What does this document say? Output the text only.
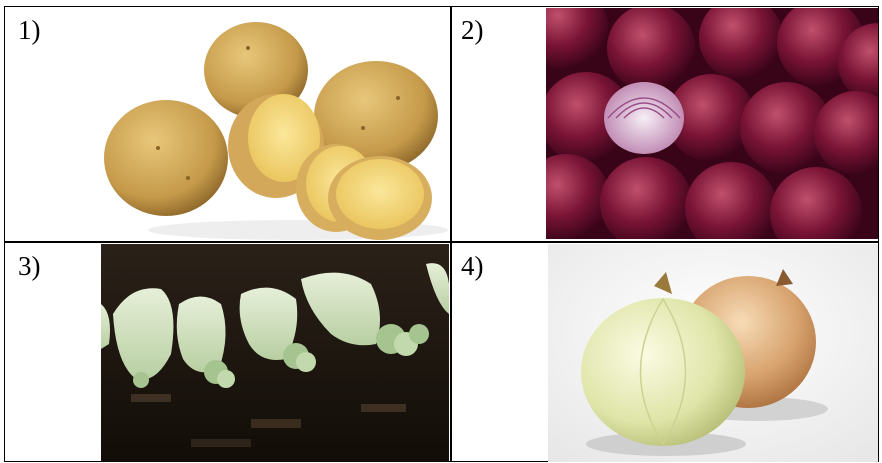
1)	2)
3)	4)
